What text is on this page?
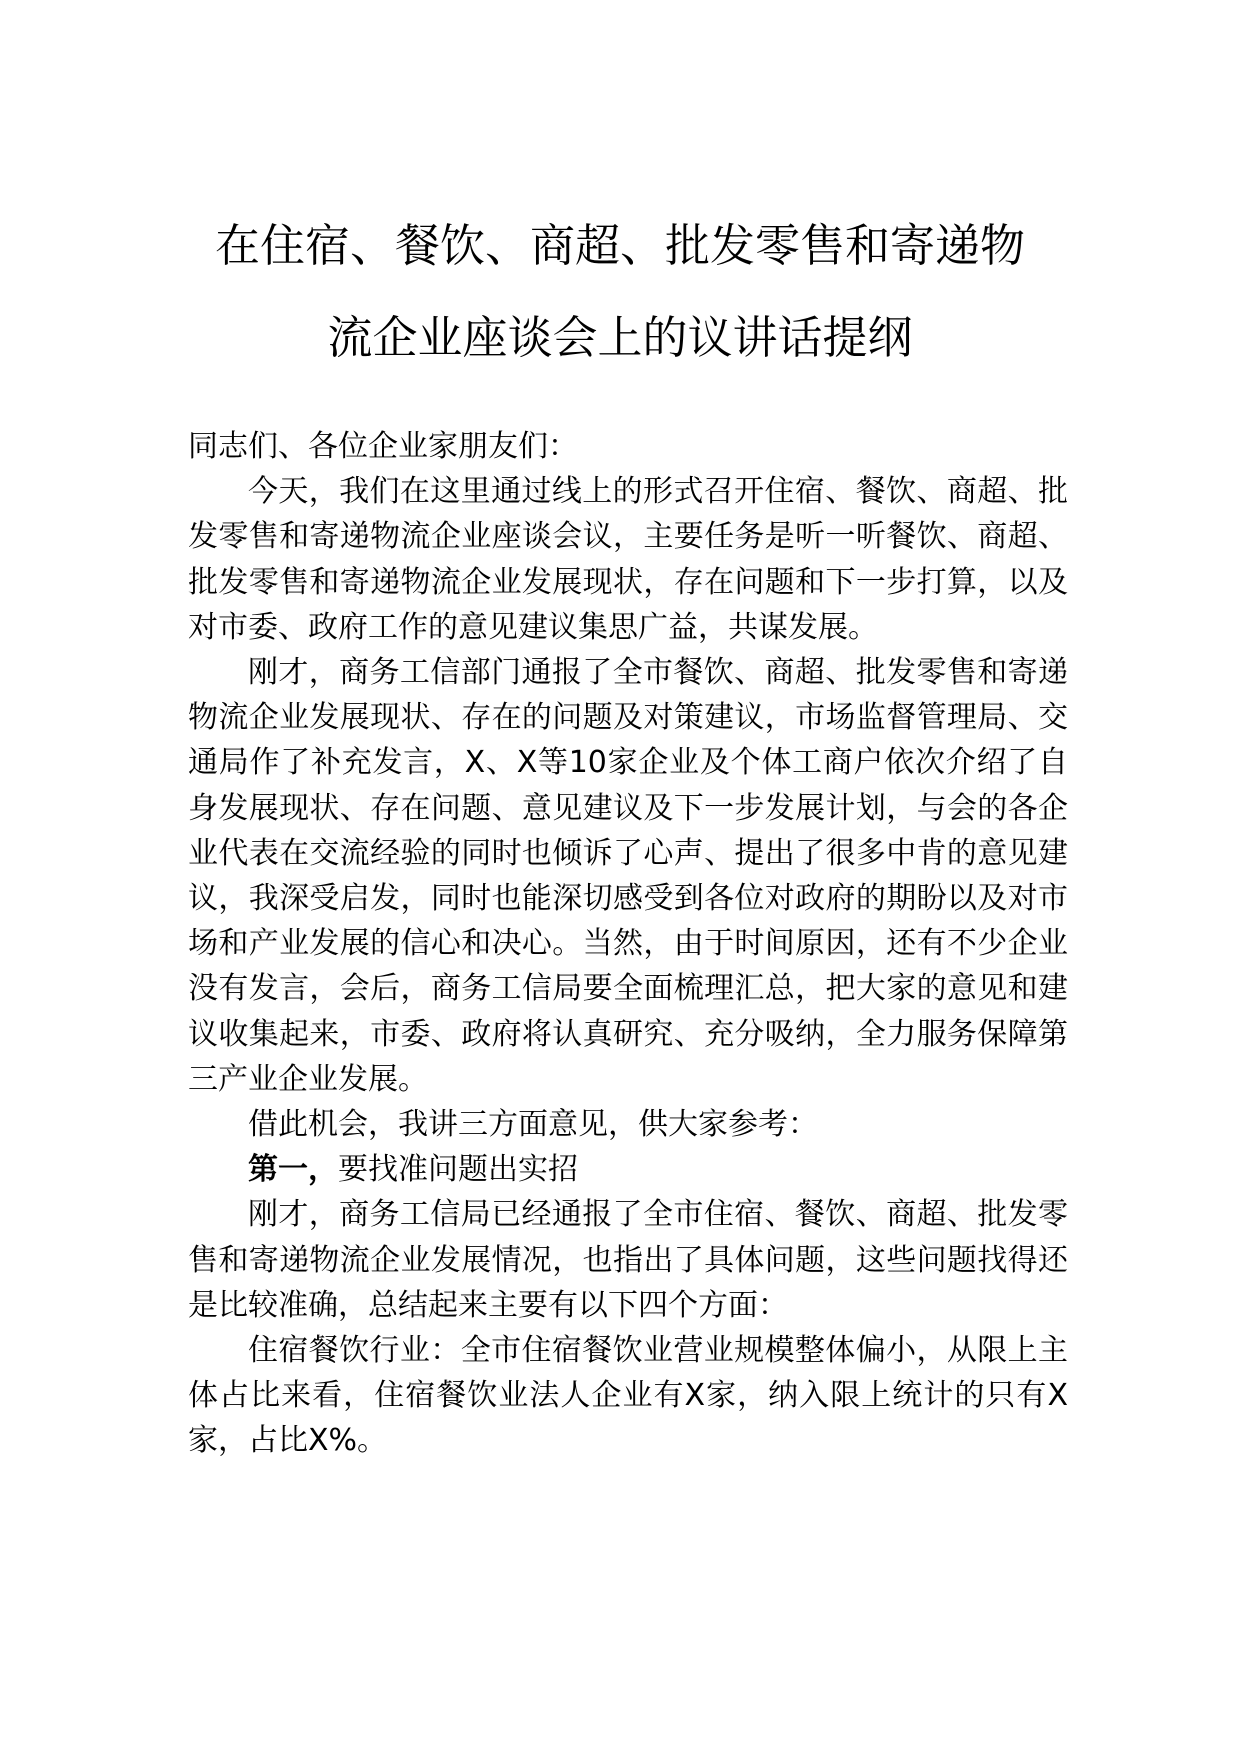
在住宿、餐饮、商超、批发零售和寄递物
流企业座谈会上的议讲话提纲

同志们、各位企业家朋友们：

今天，我们在这里通过线上的形式召开住宿、餐饮、商超、批发零售和寄递物流企业座谈会议，主要任务是听一听餐饮、商超、批发零售和寄递物流企业发展现状，存在问题和下一步打算，以及对市委、政府工作的意见建议集思广益，共谋发展。

刚才，商务工信部门通报了全市餐饮、商超、批发零售和寄递物流企业发展现状、存在的问题及对策建议，市场监督管理局、交通局作了补充发言，X、X等10家企业及个体工商户依次介绍了自身发展现状、存在问题、意见建议及下一步发展计划，与会的各企业代表在交流经验的同时也倾诉了心声、提出了很多中肯的意见建议，我深受启发，同时也能深切感受到各位对政府的期盼以及对市场和产业发展的信心和决心。当然，由于时间原因，还有不少企业没有发言，会后，商务工信局要全面梳理汇总，把大家的意见和建议收集起来，市委、政府将认真研究、充分吸纳，全力服务保障第三产业企业发展。

借此机会，我讲三方面意见，供大家参考：

第一，要找准问题出实招

刚才，商务工信局已经通报了全市住宿、餐饮、商超、批发零售和寄递物流企业发展情况，也指出了具体问题，这些问题找得还是比较准确，总结起来主要有以下四个方面：

住宿餐饮行业：全市住宿餐饮业营业规模整体偏小，从限上主体占比来看，住宿餐饮业法人企业有X家，纳入限上统计的只有X家，占比X%。
